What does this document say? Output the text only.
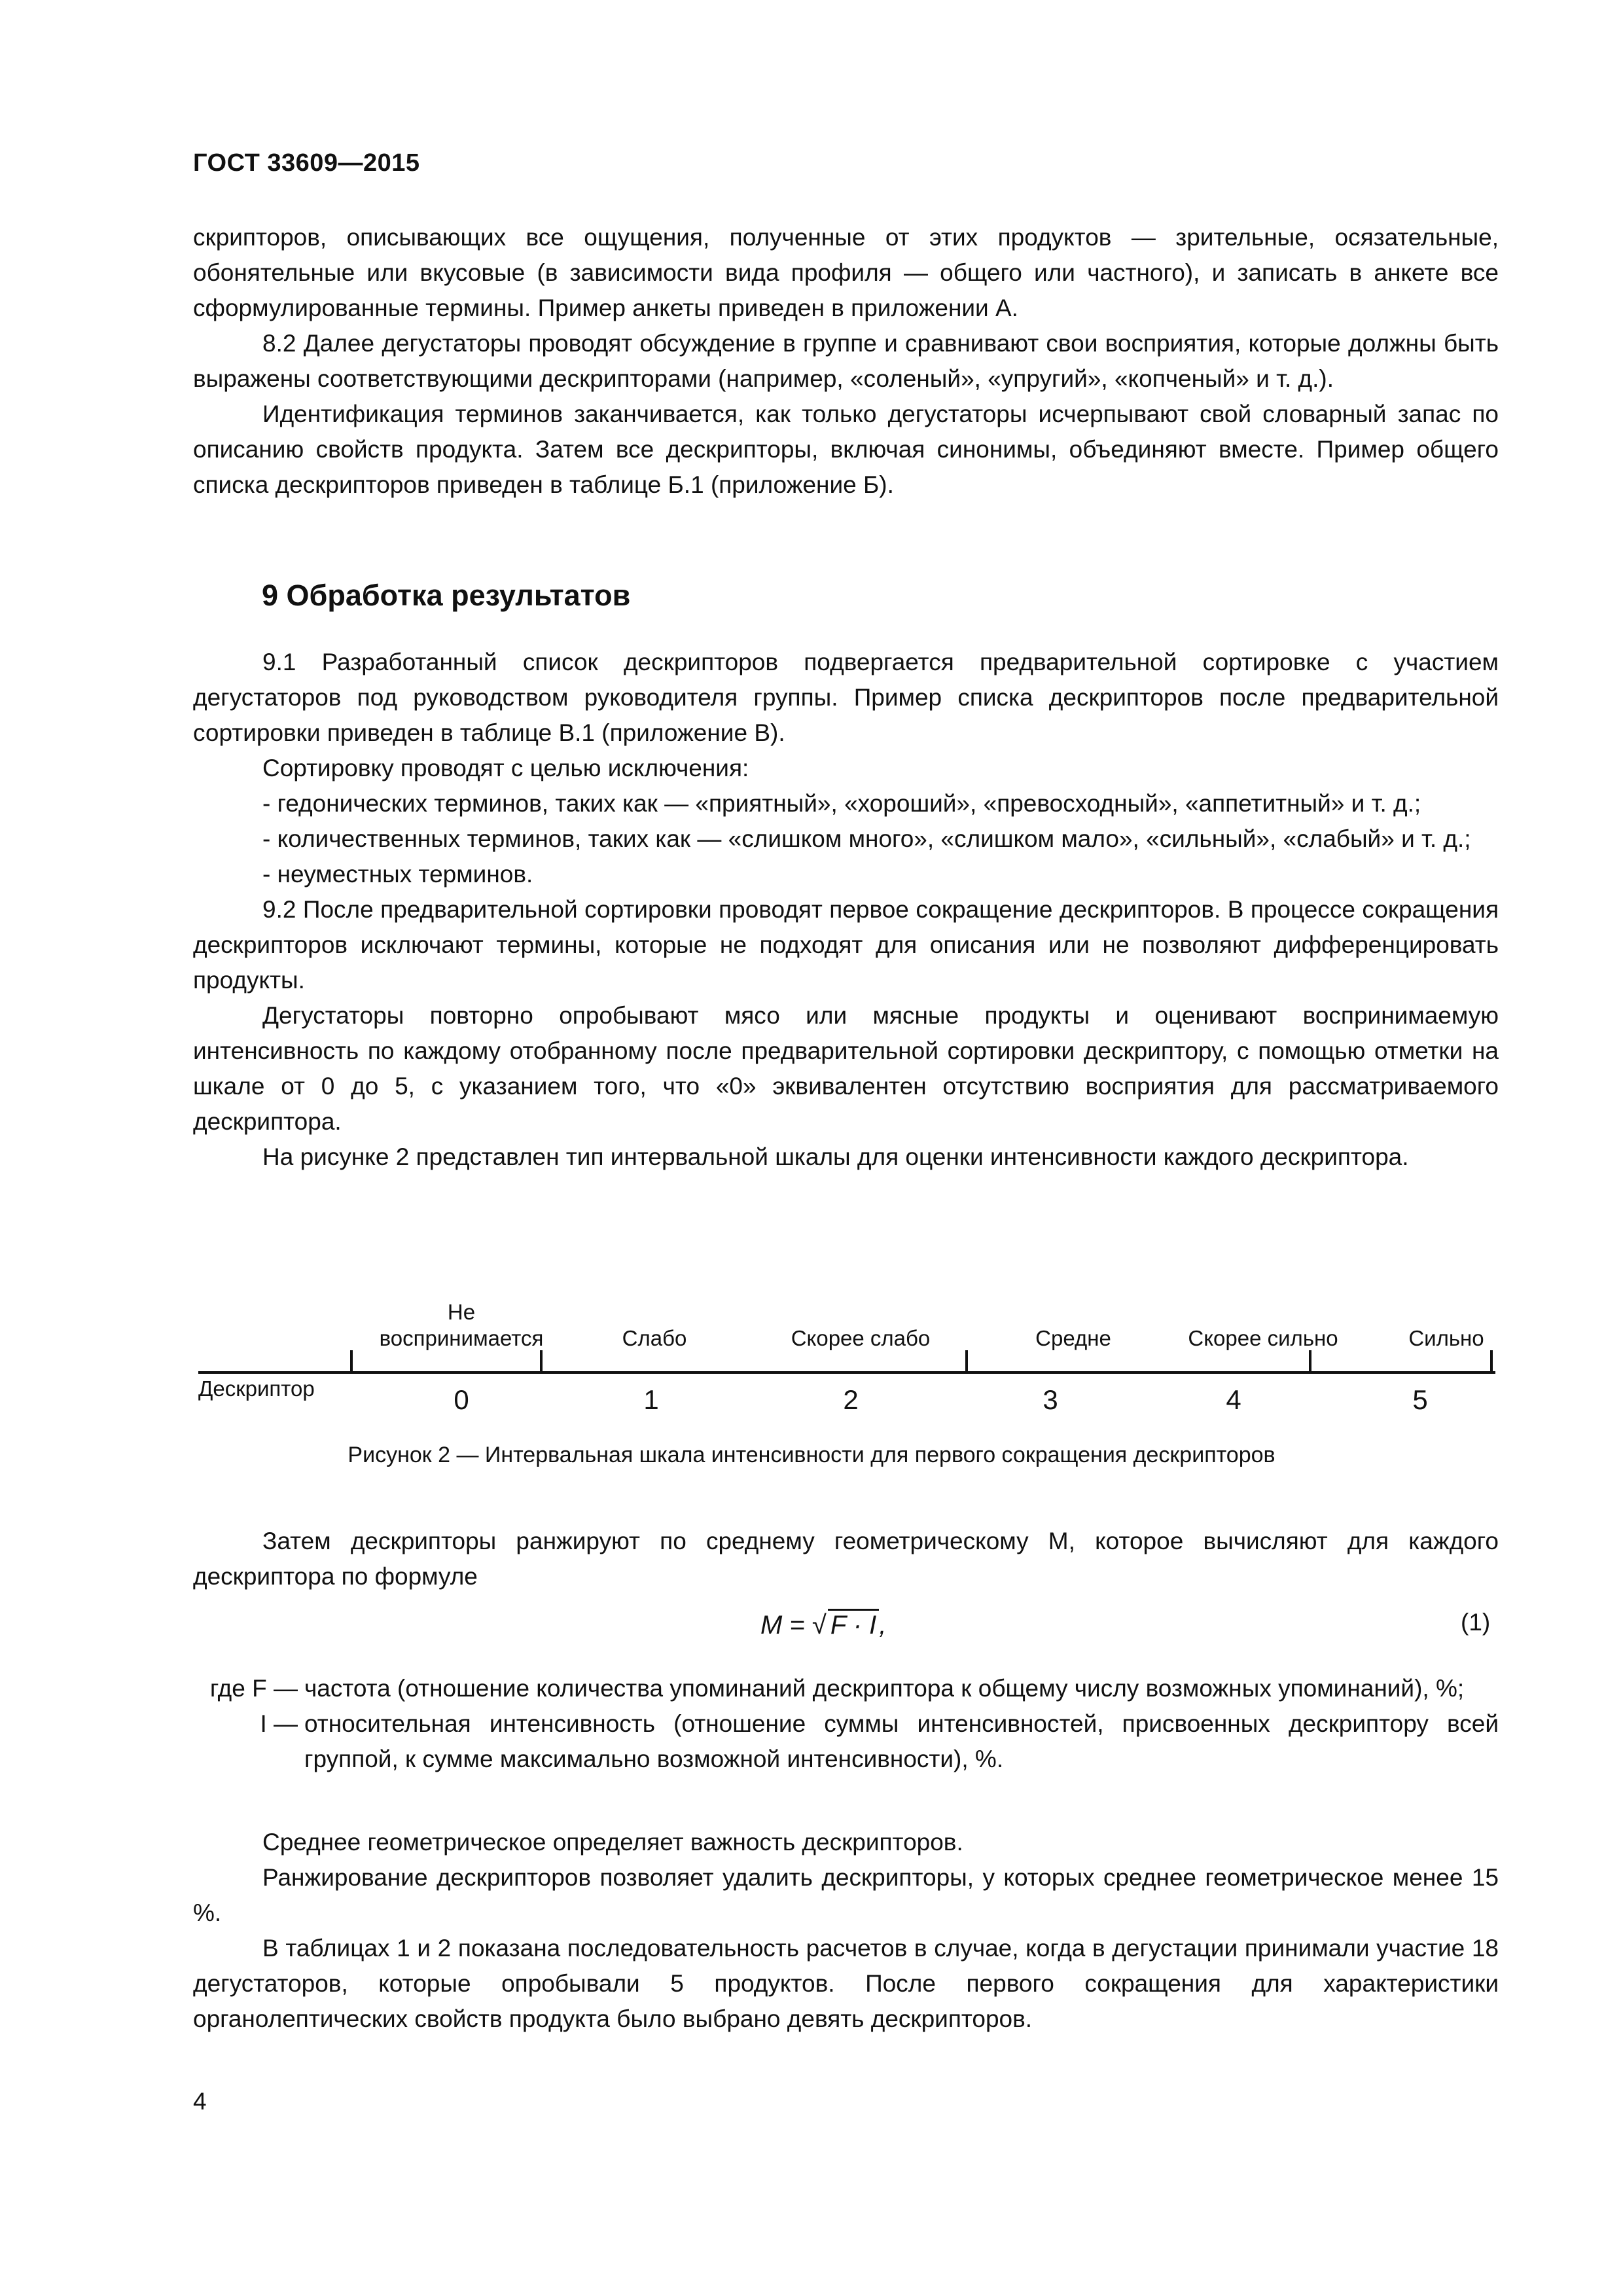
ГОСТ 33609—2015

скрипторов, описывающих все ощущения, полученные от этих продуктов — зрительные, осязательные, обонятельные или вкусовые (в зависимости вида профиля — общего или частного), и записать в анкете все сформулированные термины. Пример анкеты приведен в приложении А.

8.2 Далее дегустаторы проводят обсуждение в группе и сравнивают свои восприятия, которые должны быть выражены соответствующими дескрипторами (например, «соленый», «упругий», «копченый» и т. д.).

Идентификация терминов заканчивается, как только дегустаторы исчерпывают свой словарный запас по описанию свойств продукта. Затем все дескрипторы, включая синонимы, объединяют вместе. Пример общего списка дескрипторов приведен в таблице Б.1 (приложение Б).

9 Обработка результатов

9.1 Разработанный список дескрипторов подвергается предварительной сортировке с участием дегустаторов под руководством руководителя группы. Пример списка дескрипторов после предварительной сортировки приведен в таблице В.1 (приложение В).

Сортировку проводят с целью исключения:

- гедонических терминов, таких как — «приятный», «хороший», «превосходный», «аппетитный» и т. д.;

- количественных терминов, таких как — «слишком много», «слишком мало», «сильный», «слабый» и т. д.;

- неуместных терминов.

9.2 После предварительной сортировки проводят первое сокращение дескрипторов. В процессе сокращения дескрипторов исключают термины, которые не подходят для описания или не позволяют дифференцировать продукты.

Дегустаторы повторно опробывают мясо или мясные продукты и оценивают воспринимаемую интенсивность по каждому отобранному после предварительной сортировки дескриптору, с помощью отметки на шкале от 0 до 5, с указанием того, что «0» эквивалентен отсутствию восприятия для рассматриваемого дескриптора.

На рисунке 2 представлен тип интервальной шкалы для оценки интенсивности каждого дескриптора.

Не
воспринимается	Слабо	Скорее слабо	Средне	Скорее сильно	Сильно
Дескриптор	0	1	2	3	4	5
Рисунок 2 — Интервальная шкала интенсивности для первого сокращения дескрипторов

Затем дескрипторы ранжируют по среднему геометрическому M, которое вычисляют для каждого дескриптора по формуле

M = √ F · I ,	(1)
где F — частота (отношение количества упоминаний дескриптора к общему числу возможных упоминаний), %;
I — относительная интенсивность (отношение суммы интенсивностей, присвоенных дескриптору всей группой, к сумме максимально возможной интенсивности), %.

Среднее геометрическое определяет важность дескрипторов.

Ранжирование дескрипторов позволяет удалить дескрипторы, у которых среднее геометрическое менее 15 %.

В таблицах 1 и 2 показана последовательность расчетов в случае, когда в дегустации принимали участие 18 дегустаторов, которые опробывали 5 продуктов. После первого сокращения для характеристики органолептических свойств продукта было выбрано девять дескрипторов.

4
